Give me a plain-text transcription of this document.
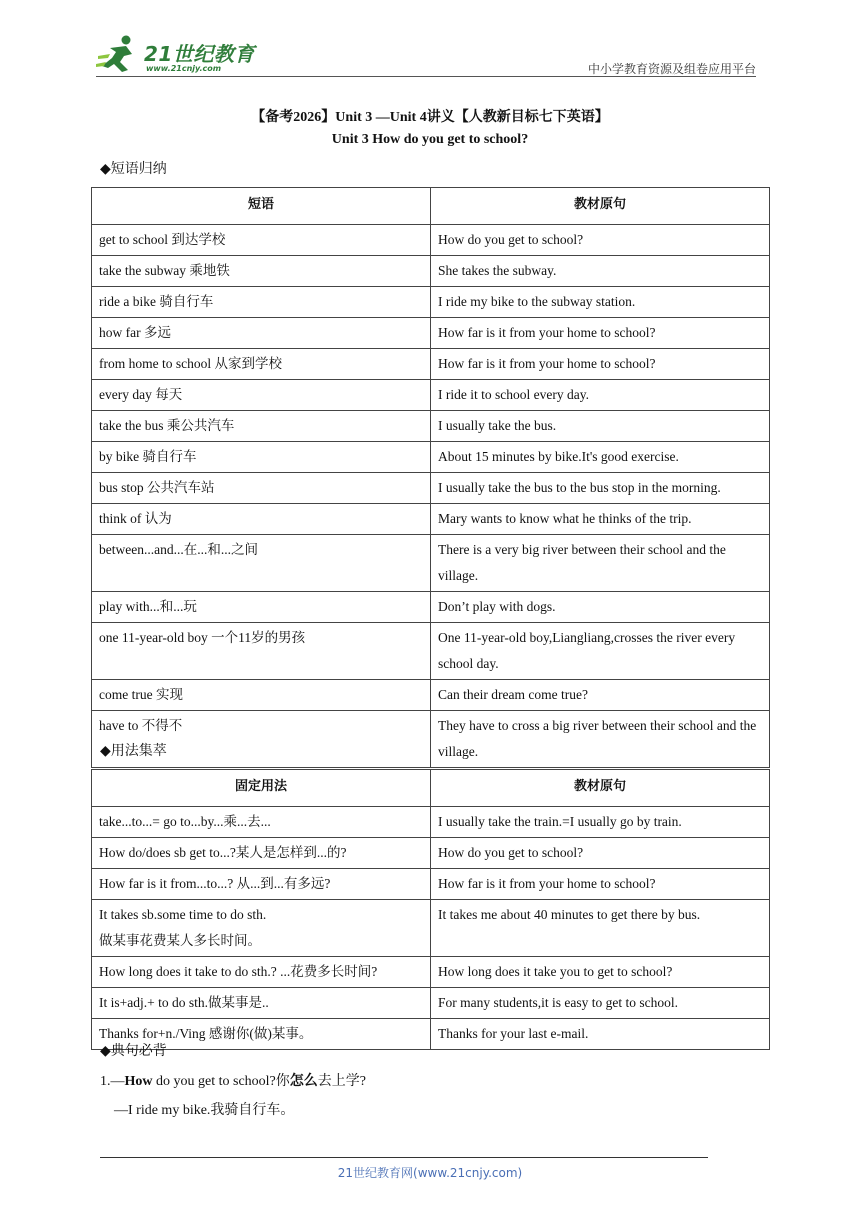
21世纪教育
www.21cnjy.com	中小学教育资源及组卷应用平台
【备考2026】Unit 3 —Unit 4讲义【人教新目标七下英语】
Unit 3 How do you get to school?
◆短语归纳
短语	教材原句
get to school 到达学校	How do you get to school?
take the subway 乘地铁	She takes the subway.
ride a bike 骑自行车	I ride my bike to the subway station.
how far 多远	How far is it from your home to school?
from home to school 从家到学校	How far is it from your home to school?
every day 每天	I ride it to school every day.
take the bus 乘公共汽车	I usually take the bus.
by bike 骑自行车	About 15 minutes by bike.It's good exercise.
bus stop 公共汽车站	I usually take the bus to the bus stop in the morning.
think of 认为	Mary wants to know what he thinks of the trip.
between...and...在...和...之间	There is a very big river between their school and the village.
play with...和...玩	Don’t play with dogs.
one 11-year-old boy 一个11岁的男孩	One 11-year-old boy,Liangliang,crosses the river every school day.
come true 实现	Can their dream come true?
have to 不得不	They have to cross a big river between their school and the village.
◆用法集萃
固定用法	教材原句
take...to...= go to...by...乘...去...	I usually take the train.=I usually go by train.
How do/does sb get to...?某人是怎样到...的?	How do you get to school?
How far is it from...to...? 从...到...有多远?	How far is it from your home to school?
It takes sb.some time to do sth.
做某事花费某人多长时间。	It takes me about 40 minutes to get there by bus.
How long does it take to do sth.? ...花费多长时间?	How long does it take you to get to school?
It is+adj.+ to do sth.做某事是..	For many students,it is easy to get to school.
Thanks for+n./Ving 感谢你(做)某事。	Thanks for your last e-mail.
◆典句必背
1.—How do you get to school?你怎么去上学?
—I ride my bike.我骑自行车。
21世纪教育网(www.21cnjy.com)
